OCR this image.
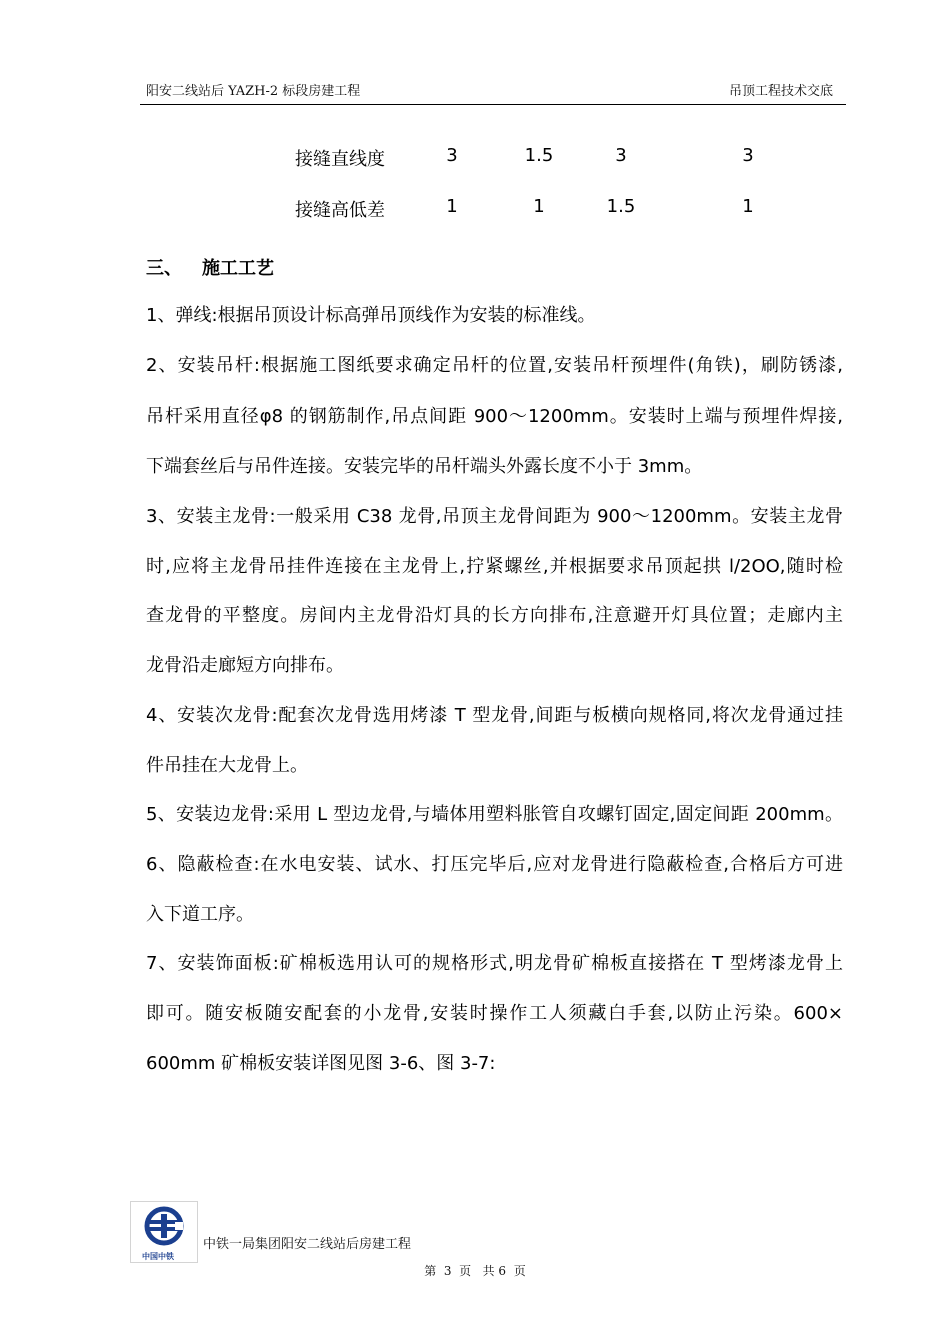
阳安二线站后 YAZH-2 标段房建工程	吊顶工程技术交底
接缝直线度	3	1.5	3	3
接缝高低差	1	1	1.5	1
三、 施工工艺
1、弹线:根据吊顶设计标高弹吊顶线作为安装的标准线。
2、安装吊杆:根据施工图纸要求确定吊杆的位置,安装吊杆预埋件(角铁)，刷防锈漆,
吊杆采用直径φ8 的钢筋制作,吊点间距 900～1200mm。安装时上端与预埋件焊接,
下端套丝后与吊件连接。安装完毕的吊杆端头外露长度不小于 3mm。
3、安装主龙骨:一般采用 C38 龙骨,吊顶主龙骨间距为 900～1200mm。安装主龙骨
时,应将主龙骨吊挂件连接在主龙骨上,拧紧螺丝,并根据要求吊顶起拱 l/2OO,随时检
查龙骨的平整度。房间内主龙骨沿灯具的长方向排布,注意避开灯具位置；走廊内主
龙骨沿走廊短方向排布。
4、安装次龙骨:配套次龙骨选用烤漆 T 型龙骨,间距与板横向规格同,将次龙骨通过挂
件吊挂在大龙骨上。
5、安装边龙骨:采用 L 型边龙骨,与墙体用塑料胀管自攻螺钉固定,固定间距 200mm。
6、隐蔽检查:在水电安装、试水、打压完毕后,应对龙骨进行隐蔽检查,合格后方可进
入下道工序。
7、安装饰面板:矿棉板选用认可的规格形式,明龙骨矿棉板直接搭在 T 型烤漆龙骨上
即可。随安板随安配套的小龙骨,安装时操作工人须藏白手套,以防止污染。600×
600mm 矿棉板安装详图见图 3-6、图 3-7:
中国中铁
中铁一局集团阳安二线站后房建工程
第  3  页   共 6  页
